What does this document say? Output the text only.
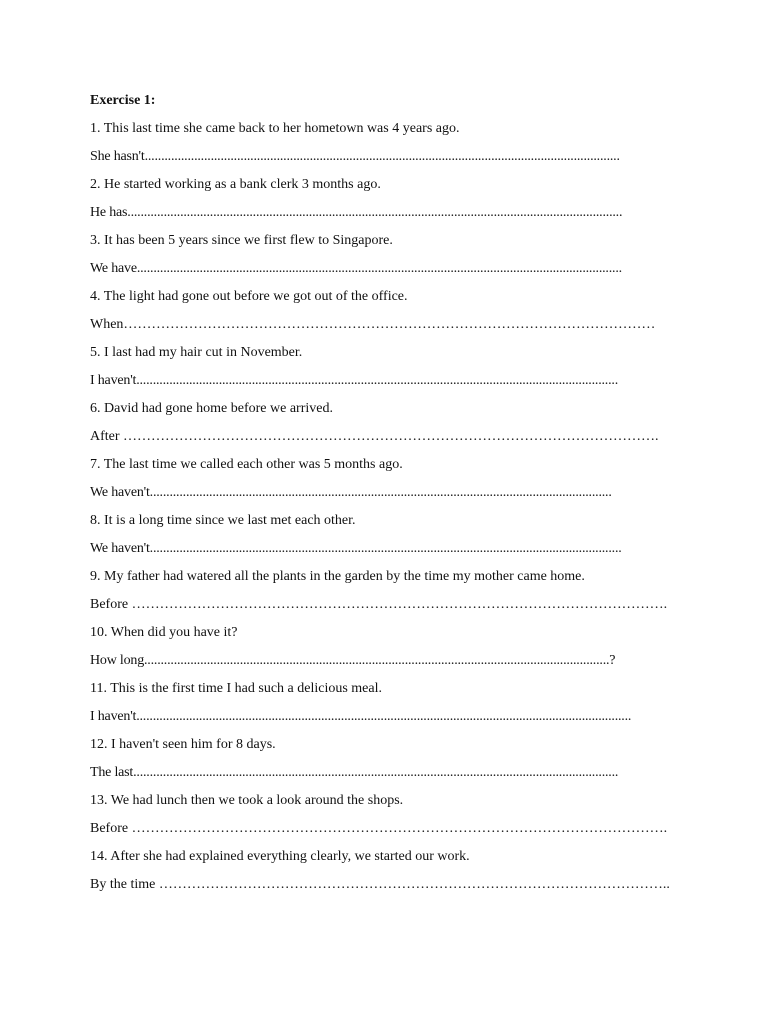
Exercise 1:
1. This last time she came back to her hometown was 4 years ago.
She hasn't................................................................................................................................................
2. He started working as a bank clerk 3 months ago.
He has......................................................................................................................................................
3. It has been 5 years since we first flew to Singapore.
We have...................................................................................................................................................
4. The light had gone out before we got out of the office.
When……………………………………………………………………………………………………
5. I last had my hair cut in November.
I haven't..................................................................................................................................................
6. David had gone home before we arrived.
After …………………………………………………………………………………………………….
7. The last time we called each other was 5 months ago.
We haven't............................................................................................................................................
8. It is a long time since we last met each other.
We haven't...............................................................................................................................................
9. My father had watered all the plants in the garden by the time my mother came home.
Before …………………………………………………………………………………………………….
10. When did you have it?
How long.............................................................................................................................................?
11. This is the first time I had such a delicious meal.
I haven't......................................................................................................................................................
12. I haven't seen him for 8 days.
The last...................................................................................................................................................
13. We had lunch then we took a look around the shops.
Before …………………………………………………………………………………………………….
14. After she had explained everything clearly, we started our work.
By the time ………………………………………………………………………………………………..
